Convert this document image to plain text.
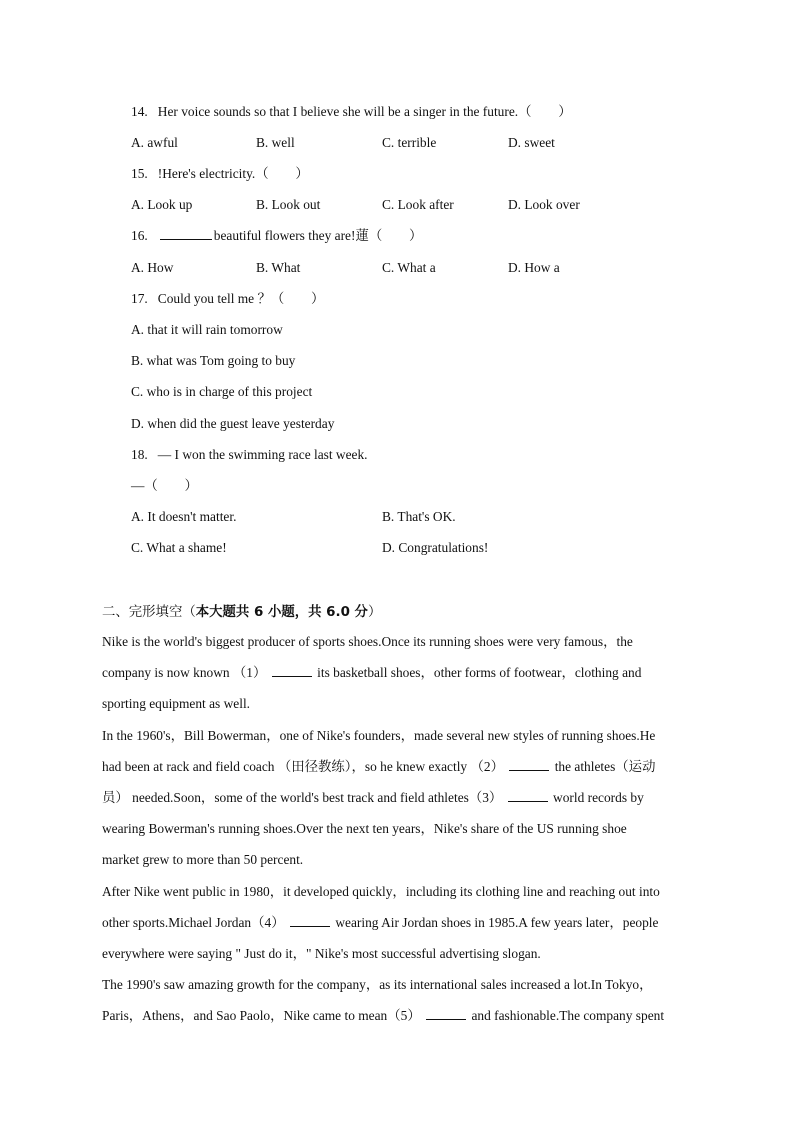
14. Her voice sounds so that I believe she will be a singer in the future.（　　）
A. awful	B. well	C. terrible	D. sweet
15. !Here's electricity.（　　）
A. Look up	B. Look out	C. Look after	D. Look over
16.	beautiful flowers they are!蓮（　　）
A. How	B. What	C. What a	D. How a
17. Could you tell me ？（　　）
A. that it will rain tomorrow
B. what was Tom going to buy
C. who is in charge of this project
D. when did the guest leave yesterday
18. — I won the swimming race last week.
—（　　）
A. It doesn't matter.	B. That's OK.
C. What a shame!	D. Congratulations!
二、完形填空（本大题共 6 小题，共 6.0 分）
Nike is the world's biggest producer of sports shoes.Once its running shoes were very famous，the
company is now known （1）	its basketball shoes，other forms of footwear，clothing and
sporting equipment as well.
In the 1960's，Bill Bowerman，one of Nike's founders，made several new styles of running shoes.He
had been at rack and field coach （田径教练），so he knew exactly （2）	the athletes（运动
员） needed.Soon，some of the world's best track and field athletes（3）	world records by
wearing Bowerman's running shoes.Over the next ten years，Nike's share of the US running shoe
market grew to more than 50 percent.
After Nike went public in 1980，it developed quickly，including its clothing line and reaching out into
other sports.Michael Jordan（4）	wearing Air Jordan shoes in 1985.A few years later，people
everywhere were saying " Just do it，" Nike's most successful advertising slogan.
The 1990's saw amazing growth for the company，as its international sales increased a lot.In Tokyo，
Paris，Athens，and Sao Paolo，Nike came to mean（5）	and fashionable.The company spent
